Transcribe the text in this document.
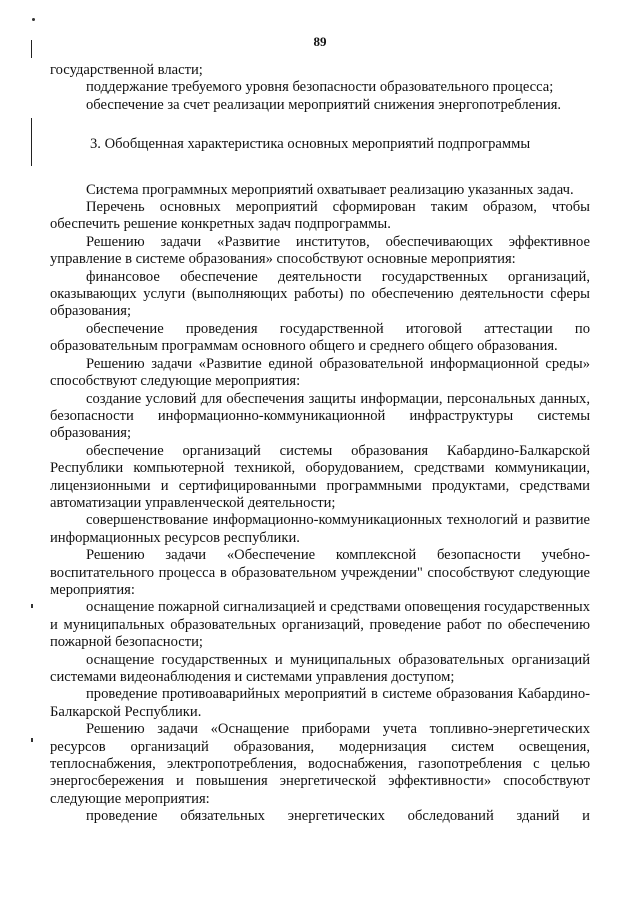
89

государственной власти;

поддержание требуемого уровня безопасности образовательного процесса;

обеспечение за счет реализации мероприятий снижения энергопотребления.

3. Обобщенная характеристика основных мероприятий подпрограммы

Система программных мероприятий охватывает реализацию указанных задач.

Перечень основных мероприятий сформирован таким образом, чтобы обеспечить решение конкретных задач подпрограммы.

Решению задачи «Развитие институтов, обеспечивающих эффективное управление в системе образования» способствуют основные мероприятия:

финансовое обеспечение деятельности государственных организаций, оказывающих услуги (выполняющих работы) по обеспечению деятельности сферы образования;

обеспечение проведения государственной итоговой аттестации по образовательным программам основного общего и среднего общего образования.

Решению задачи «Развитие единой образовательной информационной среды» способствуют следующие мероприятия:

создание условий для обеспечения защиты информации, персональных данных, безопасности информационно-коммуникационной инфраструктуры системы образования;

обеспечение организаций системы образования Кабардино-Балкарской Республики компьютерной техникой, оборудованием, средствами коммуникации, лицензионными и сертифицированными программными продуктами, средствами автоматизации управленческой деятельности;

совершенствование информационно-коммуникационных технологий и развитие информационных ресурсов республики.

Решению задачи «Обеспечение комплексной безопасности учебно-воспитательного процесса в образовательном учреждении" способствуют следующие мероприятия:

оснащение пожарной сигнализацией и средствами оповещения государственных и муниципальных образовательных организаций, проведение работ по обеспечению пожарной безопасности;

оснащение государственных и муниципальных образовательных организаций системами видеонаблюдения и системами управления доступом;

проведение противоаварийных мероприятий в системе образования Кабардино-Балкарской Республики.

Решению задачи «Оснащение приборами учета топливно-энергетических ресурсов организаций образования, модернизация систем освещения, теплоснабжения, электропотребления, водоснабжения, газопотребления с целью энергосбережения и повышения энергетической эффективности» способствуют следующие мероприятия:

проведение обязательных энергетических обследований зданий и
